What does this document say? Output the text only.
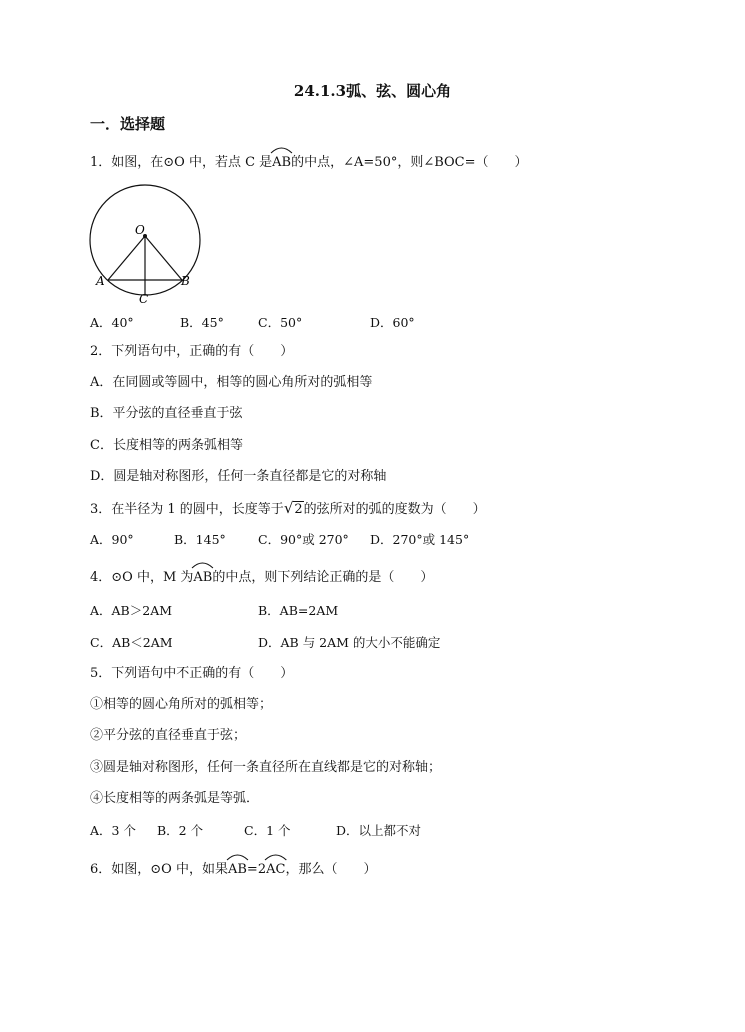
24.1.3弧、弦、圆心角
一．选择题
1．如图，在⊙O 中，若点 C 是
AB的中点，∠A=50°，则∠BOC=（　　）
O
A	B
C
A．40°	B．45°	C．50°	D．60°
2．下列语句中，正确的有（　　）
A．在同圆或等圆中，相等的圆心角所对的弧相等
B．平分弦的直径垂直于弦
C．长度相等的两条弧相等
D．圆是轴对称图形，任何一条直径都是它的对称轴
3．在半径为 1 的圆中，长度等于√2的弦所对的弧的度数为（　　）
A．90°	B．145°	C．90°或 270° D．270°或 145°
4．⊙O 中，M 为
AB的中点，则下列结论正确的是（　　）
A．AB＞2AM	B．AB=2AM
C．AB＜2AM	D．AB 与 2AM 的大小不能确定
5．下列语句中不正确的有（　　）
①相等的圆心角所对的弧相等；
②平分弦的直径垂直于弦；
③圆是轴对称图形，任何一条直径所在直线都是它的对称轴；
④长度相等的两条弧是等弧．
A．3 个 B．2 个	C．1 个	D．以上都不对
6．如图，⊙O 中，如果
AB=2
AC，那么（　　）
